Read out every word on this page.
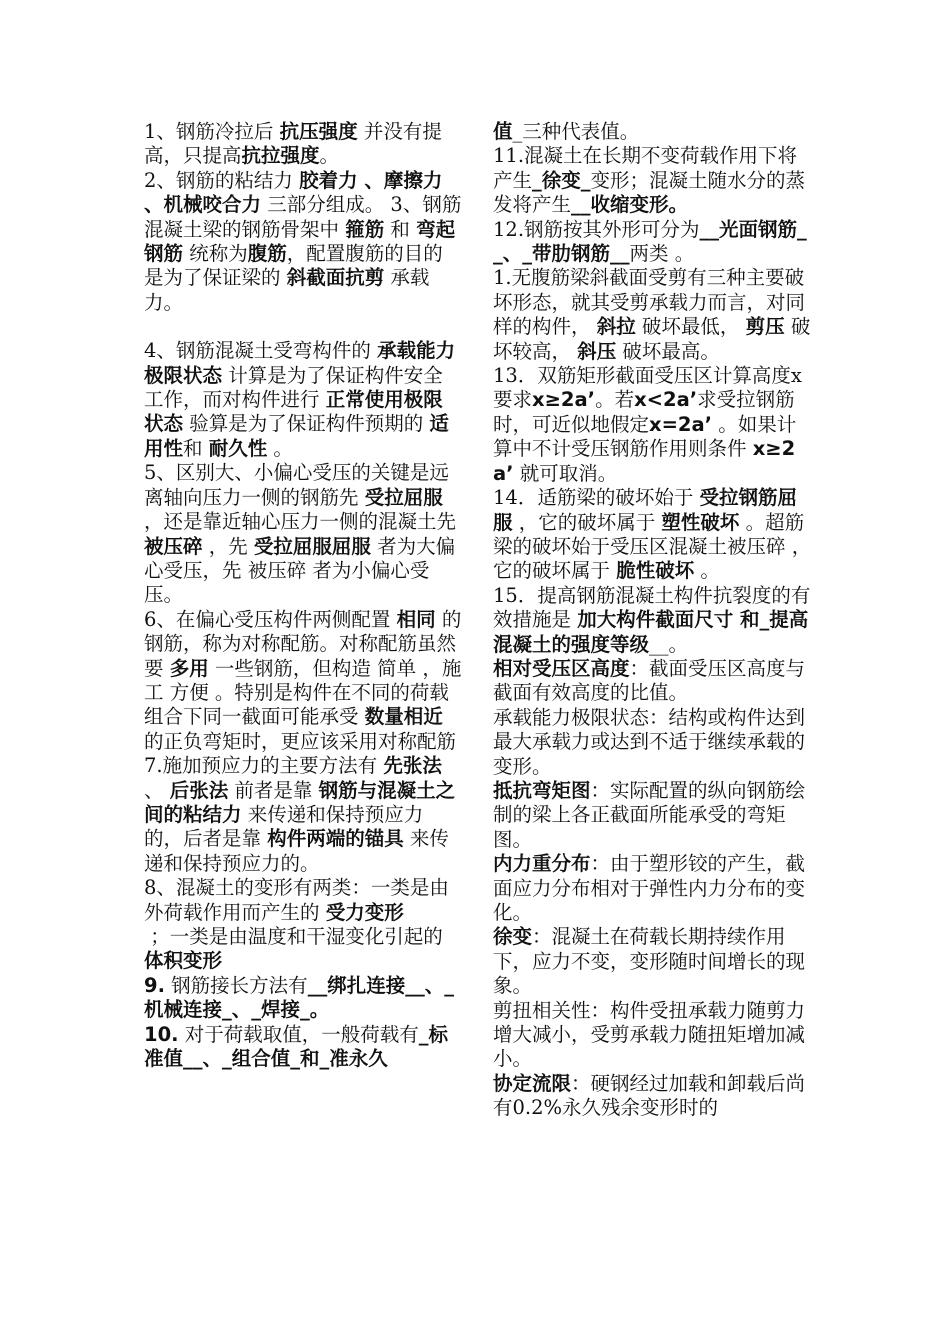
1、钢筋冷拉后 抗压强度 并没有提高，只提高抗拉强度。

2、钢筋的粘结力 胶着力 、摩擦力 、机械咬合力 三部分组成。 3、钢筋混凝土梁的钢筋骨架中 箍筋 和 弯起钢筋 统称为腹筋，配置腹筋的目的是为了保证梁的 斜截面抗剪 承载力。

4、钢筋混凝土受弯构件的 承载能力极限状态 计算是为了保证构件安全工作，而对构件进行 正常使用极限状态 验算是为了保证构件预期的 适用性和 耐久性 。

5、区别大、小偏心受压的关键是远离轴向压力一侧的钢筋先 受拉屈服 ，还是靠近轴心压力一侧的混凝土先 被压碎 ，先 受拉屈服屈服 者为大偏心受压，先 被压碎 者为小偏心受压。

6、在偏心受压构件两侧配置 相同 的钢筋，称为对称配筋。对称配筋虽然要 多用 一些钢筋，但构造 简单 ，施工 方便 。特别是构件在不同的荷载组合下同一截面可能承受 数量相近 的正负弯矩时，更应该采用对称配筋

7.施加预应力的主要方法有 先张法 、 后张法 前者是靠 钢筋与混凝土之间的粘结力 来传递和保持预应力的，后者是靠 构件两端的锚具 来传递和保持预应力的。

8、混凝土的变形有两类：一类是由外荷载作用而产生的 受力变形

；一类是由温度和干湿变化引起的 体积变形

9. 钢筋接长方法有__绑扎连接__、_机械连接_、_焊接_。

10. 对于荷载取值，一般荷载有_标准值__、_组合值_和_准永久

值_三种代表值。

11.混凝土在长期不变荷载作用下将产生_徐变_变形；混凝土随水分的蒸发将产生__收缩变形。

12.钢筋按其外形可分为__光面钢筋__、_带肋钢筋__两类 。

1.无腹筋梁斜截面受剪有三种主要破坏形态，就其受剪承载力而言，对同样的构件， 斜拉 破坏最低， 剪压 破坏较高， 斜压 破坏最高。

13．双筋矩形截面受压区计算高度x要求x≥2a’。若x<2a’求受拉钢筋时，可近似地假定x=2a’ 。如果计算中不计受压钢筋作用则条件 x≥2a’ 就可取消。

14．适筋梁的破坏始于 受拉钢筋屈服 ，它的破坏属于 塑性破坏 。超筋梁的破坏始于受压区混凝土被压碎 ， 它的破坏属于 脆性破坏 。

15．提高钢筋混凝土构件抗裂度的有效措施是 加大构件截面尺寸 和_提高混凝土的强度等级__。

相对受压区高度：截面受压区高度与截面有效高度的比值。

承载能力极限状态：结构或构件达到最大承载力或达到不适于继续承载的变形。

抵抗弯矩图：实际配置的纵向钢筋绘制的梁上各正截面所能承受的弯矩图。

内力重分布：由于塑形铰的产生，截面应力分布相对于弹性内力分布的变化。

徐变：混凝土在荷载长期持续作用下，应力不变，变形随时间增长的现象。

剪扭相关性：构件受扭承载力随剪力增大减小，受剪承载力随扭矩增加减小。

协定流限：硬钢经过加载和卸载后尚有0.2%永久残余变形时的
